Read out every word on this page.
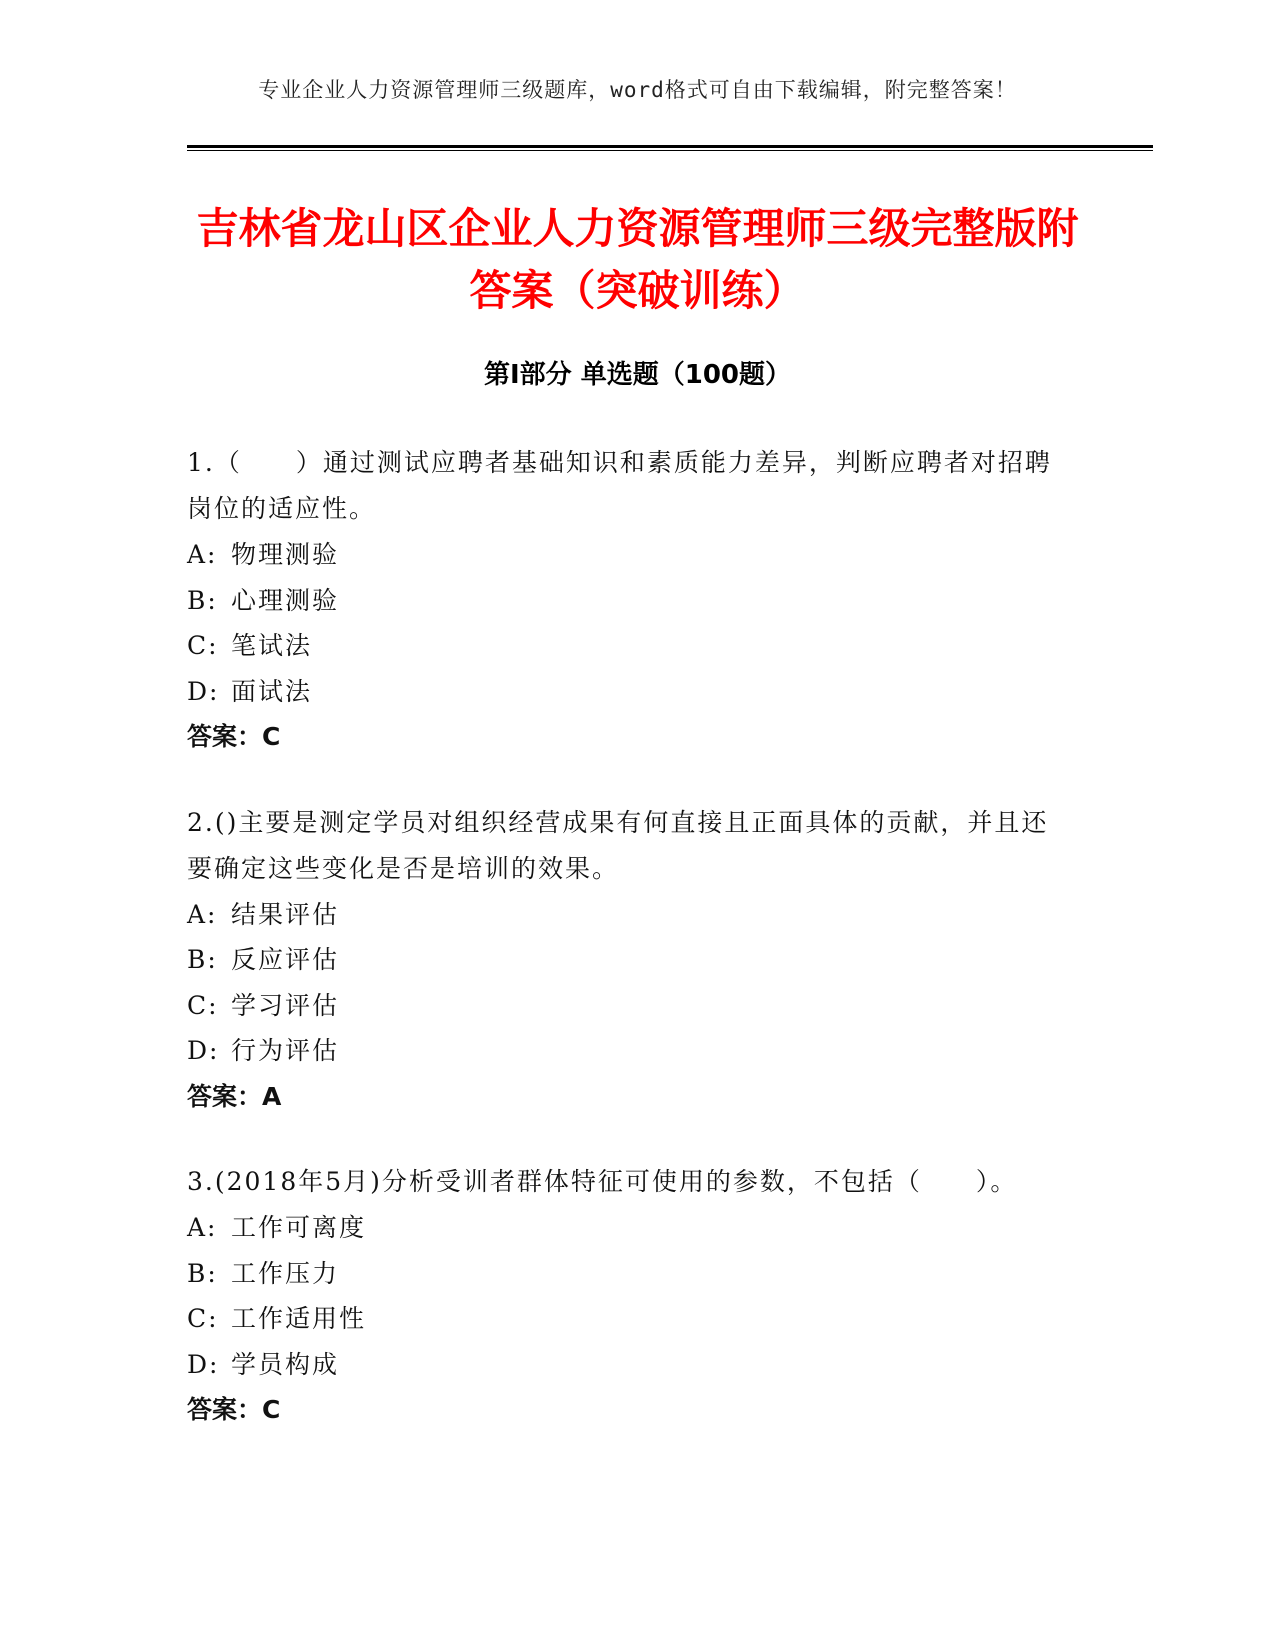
专业企业人力资源管理师三级题库，word格式可自由下载编辑，附完整答案！
吉林省龙山区企业人力资源管理师三级完整版附答案（突破训练）
第Ⅰ部分 单选题（100题）
1.（　　）通过测试应聘者基础知识和素质能力差异，判断应聘者对招聘岗位的适应性。
A: 物理测验
B: 心理测验
C: 笔试法
D: 面试法
答案：C
2.()主要是测定学员对组织经营成果有何直接且正面具体的贡献，并且还要确定这些变化是否是培训的效果。
A: 结果评估
B: 反应评估
C: 学习评估
D: 行为评估
答案：A
3.(2018年5月)分析受训者群体特征可使用的参数，不包括（　　）。
A: 工作可离度
B: 工作压力
C: 工作适用性
D: 学员构成
答案：C
